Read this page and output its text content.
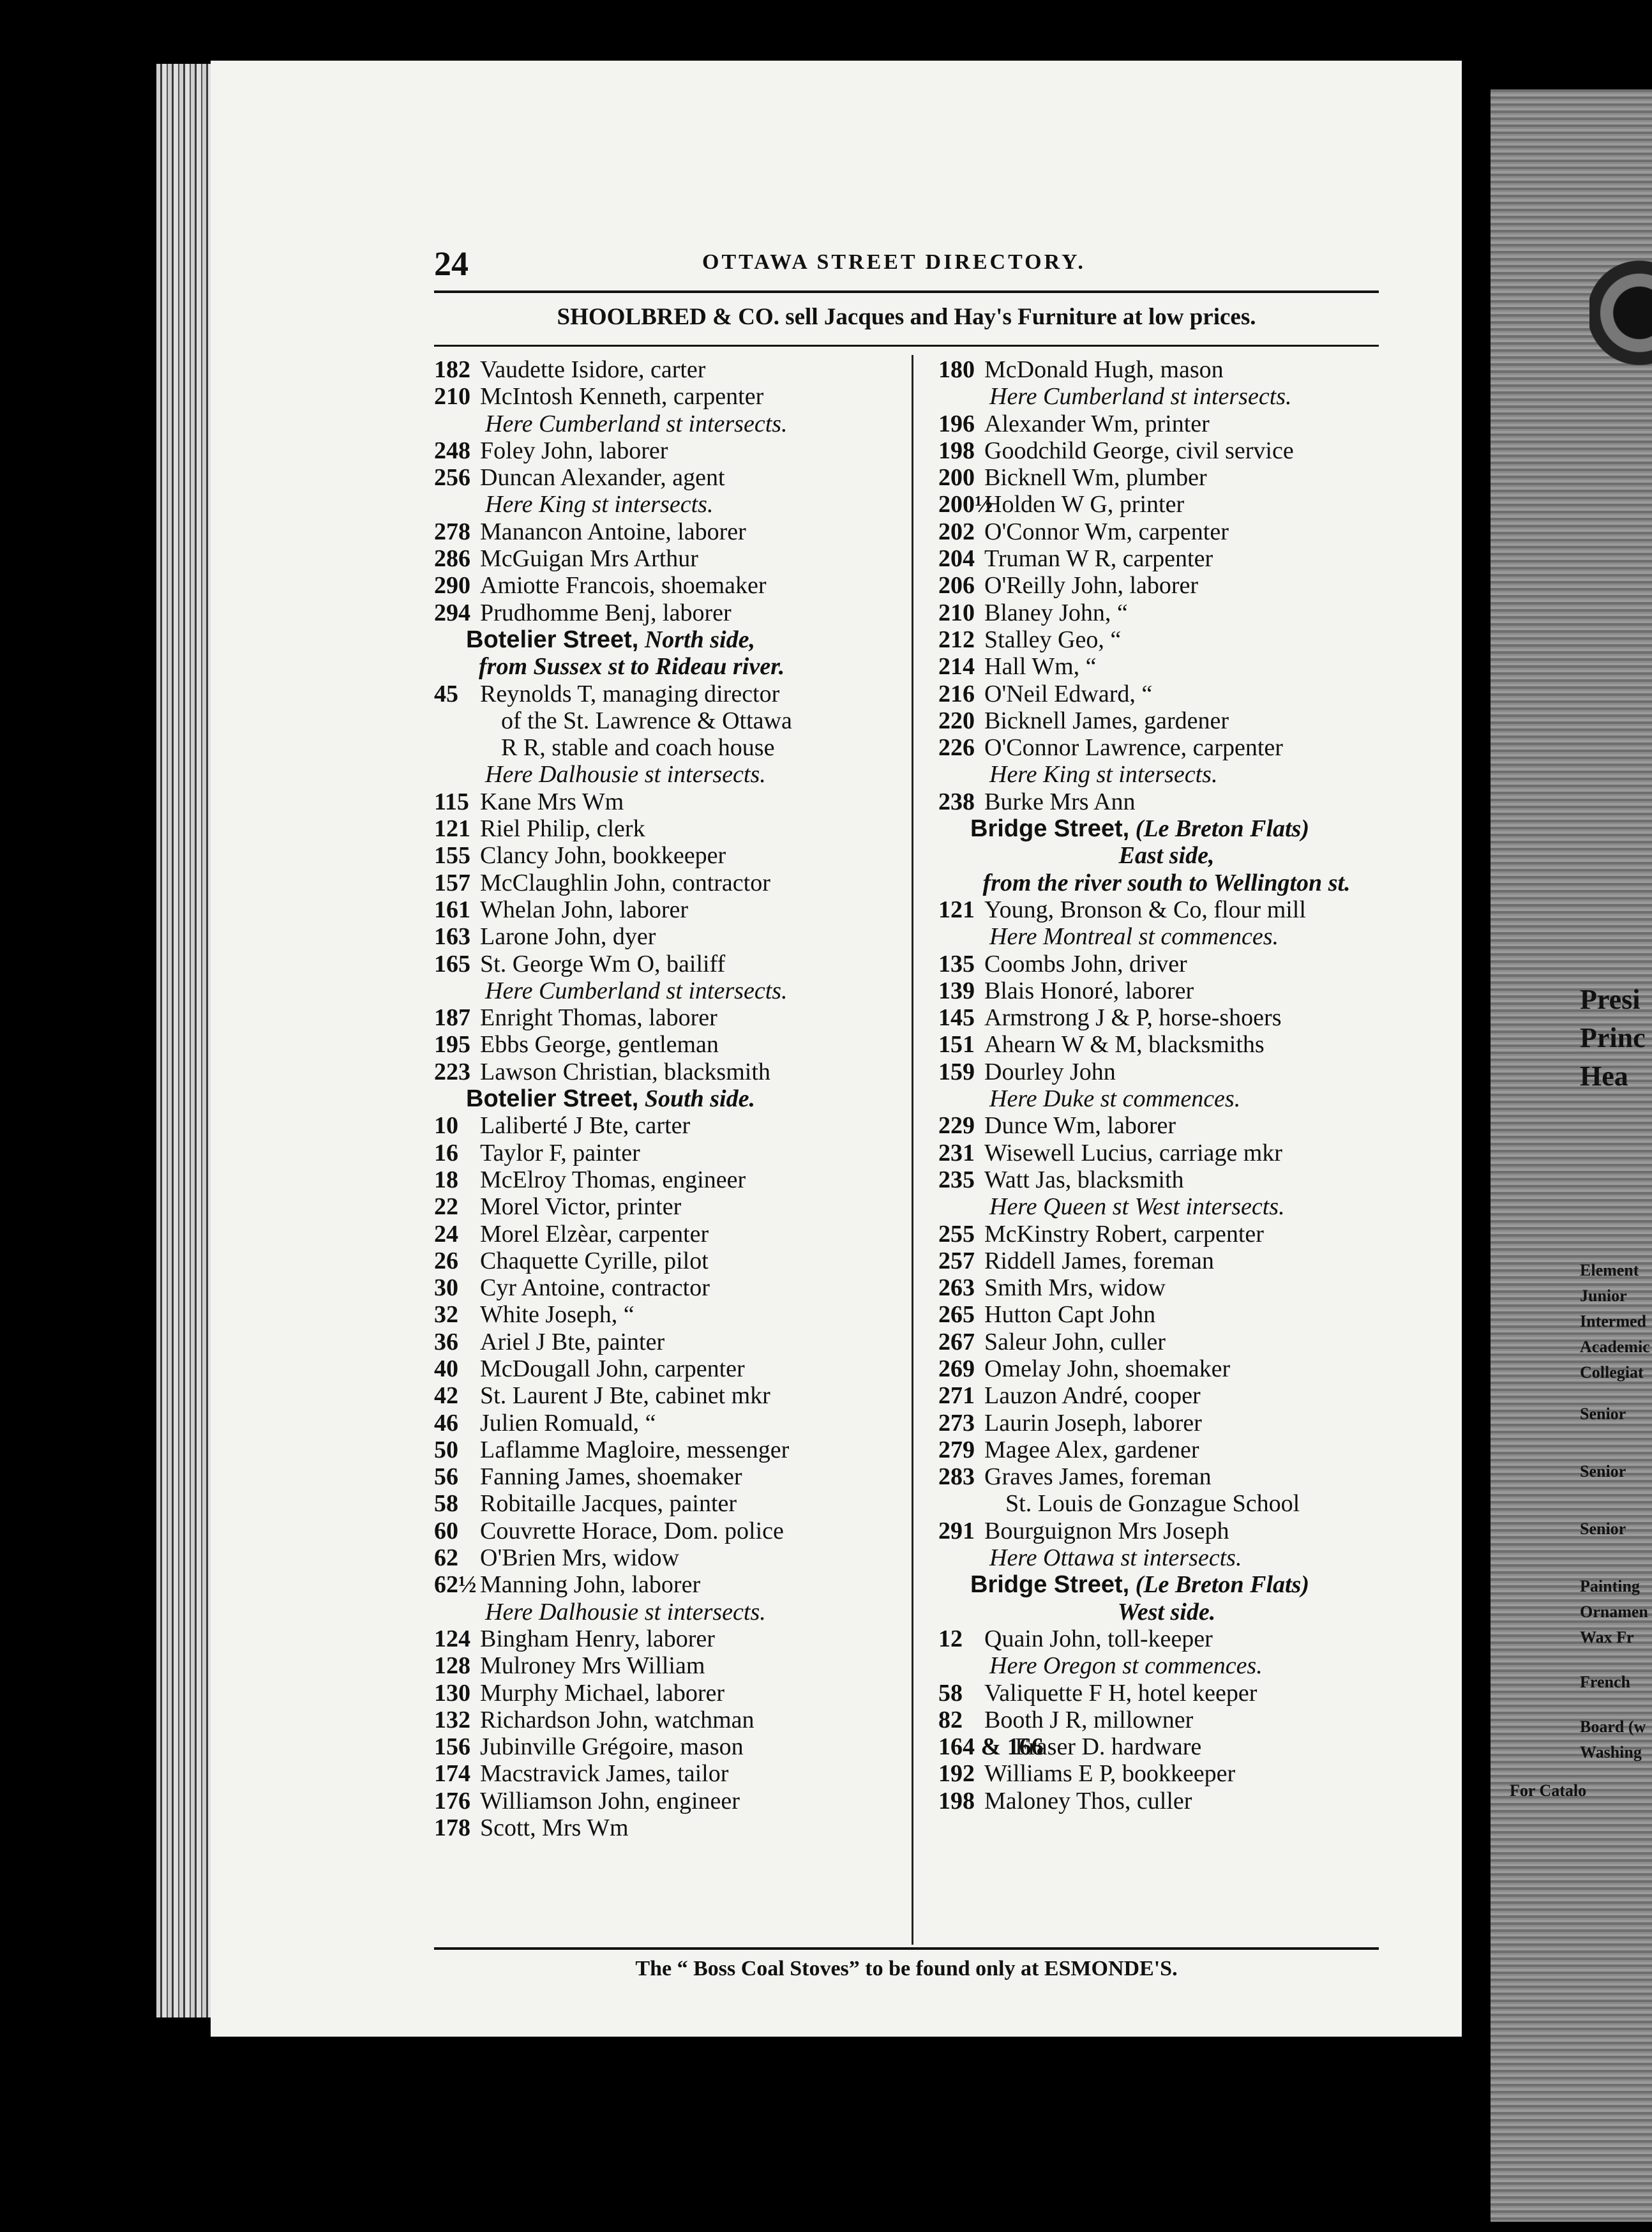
Presi
Princ
Hea
Element
Junior
Intermed
Academic
Collegiat
Senior
Senior
Senior
Painting
Ornamen
Wax Fr
French
Board (w
Washing
For Catalo
24	OTTAWA STREET DIRECTORY.
SHOOLBRED & CO. sell Jacques and Hay's Furniture at low prices.
182 Vaudette Isidore, carter
210 McIntosh Kenneth, carpenter
Here Cumberland st intersects.
248 Foley John, laborer
256 Duncan Alexander, agent
Here King st intersects.
278 Manancon Antoine, laborer
286 McGuigan Mrs Arthur
290 Amiotte Francois, shoemaker
294 Prudhomme Benj, laborer
Botelier Street, North side,
from Sussex st to Rideau river.
45 Reynolds T, managing director
of the St. Lawrence & Ottawa
R R, stable and coach house
Here Dalhousie st intersects.
115 Kane Mrs Wm
121 Riel Philip, clerk
155 Clancy John, bookkeeper
157 McClaughlin John, contractor
161 Whelan John, laborer
163 Larone John, dyer
165 St. George Wm O, bailiff
Here Cumberland st intersects.
187 Enright Thomas, laborer
195 Ebbs George, gentleman
223 Lawson Christian, blacksmith
Botelier Street, South side.
10 Laliberté J Bte, carter
16 Taylor F, painter
18 McElroy Thomas, engineer
22 Morel Victor, printer
24 Morel Elzèar, carpenter
26 Chaquette Cyrille, pilot
30 Cyr Antoine, contractor
32 White Joseph, “
36 Ariel J Bte, painter
40 McDougall John, carpenter
42 St. Laurent J Bte, cabinet mkr
46 Julien Romuald, “
50 Laflamme Magloire, messenger
56 Fanning James, shoemaker
58 Robitaille Jacques, painter
60 Couvrette Horace, Dom. police
62 O'Brien Mrs, widow
62½ Manning John, laborer
Here Dalhousie st intersects.
124 Bingham Henry, laborer
128 Mulroney Mrs William
130 Murphy Michael, laborer
132 Richardson John, watchman
156 Jubinville Grégoire, mason
174 Macstravick James, tailor
176 Williamson John, engineer
178 Scott, Mrs Wm
180 McDonald Hugh, mason
Here Cumberland st intersects.
196 Alexander Wm, printer
198 Goodchild George, civil service
200 Bicknell Wm, plumber
200½Holden W G, printer
202 O'Connor Wm, carpenter
204 Truman W R, carpenter
206 O'Reilly John, laborer
210 Blaney John, “
212 Stalley Geo, “
214 Hall Wm, “
216 O'Neil Edward, “
220 Bicknell James, gardener
226 O'Connor Lawrence, carpenter
Here King st intersects.
238 Burke Mrs Ann
Bridge Street, (Le Breton Flats)
East side,
from the river south to Wellington st.
121 Young, Bronson & Co, flour mill
Here Montreal st commences.
135 Coombs John, driver
139 Blais Honoré, laborer
145 Armstrong J & P, horse-shoers
151 Ahearn W & M, blacksmiths
159 Dourley John
Here Duke st commences.
229 Dunce Wm, laborer
231 Wisewell Lucius, carriage mkr
235 Watt Jas, blacksmith
Here Queen st West intersects.
255 McKinstry Robert, carpenter
257 Riddell James, foreman
263 Smith Mrs, widow
265 Hutton Capt John
267 Saleur John, culler
269 Omelay John, shoemaker
271 Lauzon André, cooper
273 Laurin Joseph, laborer
279 Magee Alex, gardener
283 Graves James, foreman
St. Louis de Gonzague School
291 Bourguignon Mrs Joseph
Here Ottawa st intersects.
Bridge Street, (Le Breton Flats)
West side.
12 Quain John, toll-keeper
Here Oregon st commences.
58 Valiquette F H, hotel keeper
82 Booth J R, millowner
164 & 166Fraser D. hardware
192 Williams E P, bookkeeper
198 Maloney Thos, culler
The “ Boss Coal Stoves” to be found only at ESMONDE'S.
